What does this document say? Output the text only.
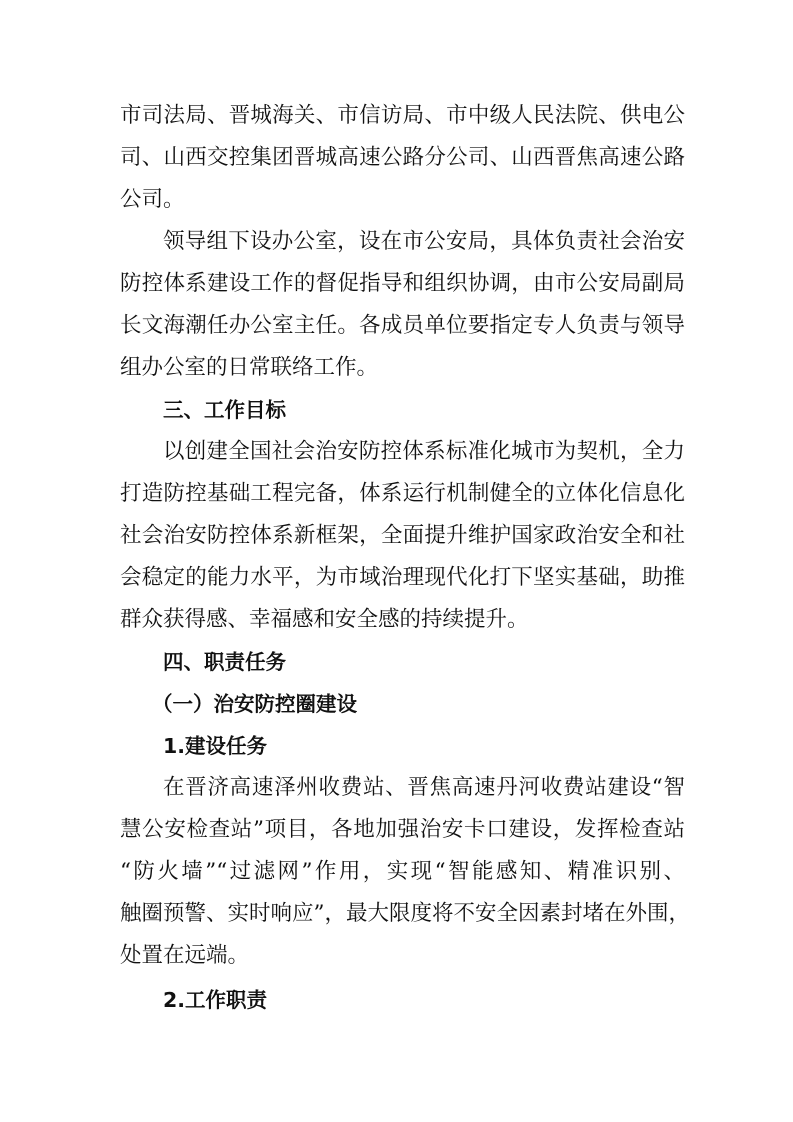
市司法局、晋城海关、市信访局、市中级人民法院、供电公
司、山西交控集团晋城高速公路分公司、山西晋焦高速公路
公司。
领导组下设办公室，设在市公安局，具体负责社会治安
防控体系建设工作的督促指导和组织协调，由市公安局副局
长文海潮任办公室主任。各成员单位要指定专人负责与领导
组办公室的日常联络工作。
三、工作目标
以创建全国社会治安防控体系标准化城市为契机，全力
打造防控基础工程完备，体系运行机制健全的立体化信息化
社会治安防控体系新框架，全面提升维护国家政治安全和社
会稳定的能力水平，为市域治理现代化打下坚实基础，助推
群众获得感、幸福感和安全感的持续提升。
四、职责任务
（一）治安防控圈建设
1.建设任务
在晋济高速泽州收费站、晋焦高速丹河收费站建设“智
慧公安检查站”项目，各地加强治安卡口建设，发挥检查站
“防火墙”“过滤网”作用，实现“智能感知、精准识别、
触圈预警、实时响应”，最大限度将不安全因素封堵在外围，
处置在远端。
2.工作职责
